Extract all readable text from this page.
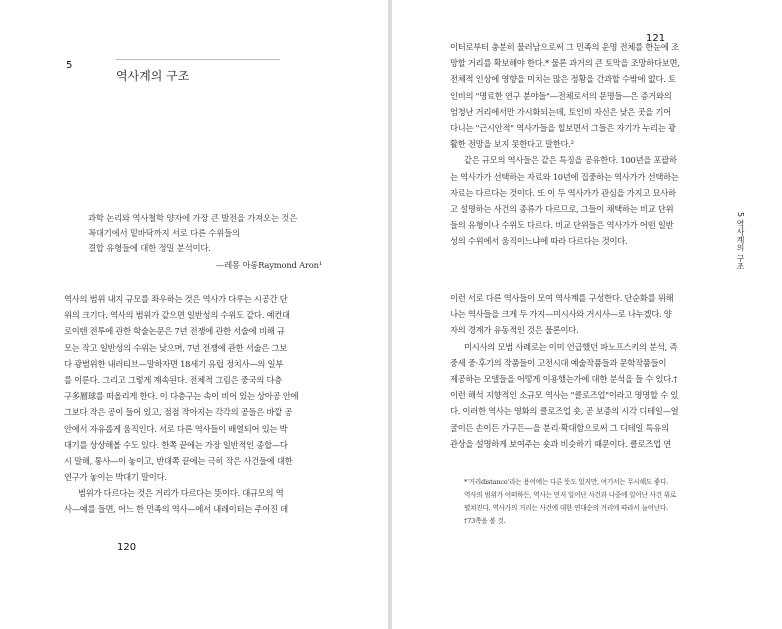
5
역사계의 구조
과학 논리와 역사철학 양자에 가장 큰 발전을 가져오는 것은
꼭대기에서 밑바닥까지 서로 다른 수위들의
결합 유형들에 대한 정밀 분석이다.
—레몽 아롱Raymond Aron¹
역사의 범위 내지 규모를 좌우하는 것은 역사가 다루는 시공간 단
위의 크기다. 역사의 범위가 같으면 일반성의 수위도 같다. 예컨대
로이텐 전투에 관한 학술논문은 7년 전쟁에 관한 서술에 비해 규
모는 작고 일반성의 수위는 낮으며, 7년 전쟁에 관한 서술은 그보
다 광범위한 내러티브—말하자면 18세기 유럽 정치사—의 일부
를 이룬다. 그리고 그렇게 계속된다. 전체적 그림은 중국의 다층
구多層球를 떠올리게 한다. 이 다층구는 속이 비어 있는 상아공 안에
그보다 작은 공이 들어 있고, 점점 작아지는 각각의 공들은 바깥 공
안에서 자유롭게 움직인다. 서로 다른 역사들이 배열되어 있는 박
대기를 상상해볼 수도 있다. 한쪽 끝에는 가장 일반적인 종합—다
시 말해, 통사—이 놓이고, 반대쪽 끝에는 극히 작은 사건들에 대한
연구가 놓이는 박대기 말이다.
범위가 다르다는 것은 거리가 다르다는 뜻이다. 대규모의 역
사—예를 들면, 어느 한 민족의 역사—에서 내레이터는 주어진 데
120
121
이터로부터 충분히 물러남으로써 그 민족의 운명 전체를 한눈에 조
망할 거리를 확보해야 한다.* 물론 과거의 큰 토막을 조망하다보면,
전체적 인상에 영향을 미치는 많은 정황을 간과할 수밖에 없다. 토
인비의 "명료한 연구 분야들"—전체로서의 문명들—은 증거와의
엄청난 거리에서만 가시화되는데, 토인비 자신은 낮은 곳을 기어
다니는 "근시안적" 역사가들을 힐보면서 그들은 자기가 누리는 광
활한 전망을 보지 못한다고 말한다.²
같은 규모의 역사들은 같은 특징을 공유한다. 100년을 포괄하
는 역사가가 선택하는 자료와 10년에 집중하는 역사가가 선택하는
자료는 다르다는 것이다. 또 이 두 역사가가 관심을 가지고 묘사하
고 설명하는 사건의 종류가 다르므로, 그들이 채택하는 비교 단위
들의 유형이나 수위도 다르다. 비교 단위들은 역사가가 어떤 일반
성의 수위에서 움직이느냐에 따라 다르다는 것이다.
이런 서로 다른 역사들이 모여 역사계를 구성한다. 단순화를 위해
나는 역사들을 크게 두 가지—미시사와 거시사—로 나누겠다. 양
자의 경계가 유동적인 것은 물론이다.
미시사의 모범 사례로는 이미 언급했던 파노프스키의 분석, 즉
중세 중·후기의 작품들이 고전시대 예술작품들과 문학작품들이
제공하는 모델들을 어떻게 이용했는가에 대한 분석을 들 수 있다.†
이런 해석 지향적인 소규모 역사는 "클로즈업"이라고 명명할 수 있
다. 이러한 역사는 영화의 클로즈업 숏, 곧 보증의 시각 디테일—얼
굴이든 손이든 가구든—을 분리·확대함으로써 그 디테일 특유의
관상을 설명하게 보여주는 숏과 비슷하기 때문이다. 클로즈업 연
*'거리distance'라는 용어에는 다른 뜻도 있지만, 여기서는 무시해도 좋다.
역사의 범위가 어떠하든, 역사는 먼저 일어난 사건과 나중에 일어난 사건 위로
펼쳐진다. 역사가의 거리는 사건에 대한 연대순의 거리에 따라서 늘어난다.
†73쪽을 볼 것.
5 역사계의 구조
